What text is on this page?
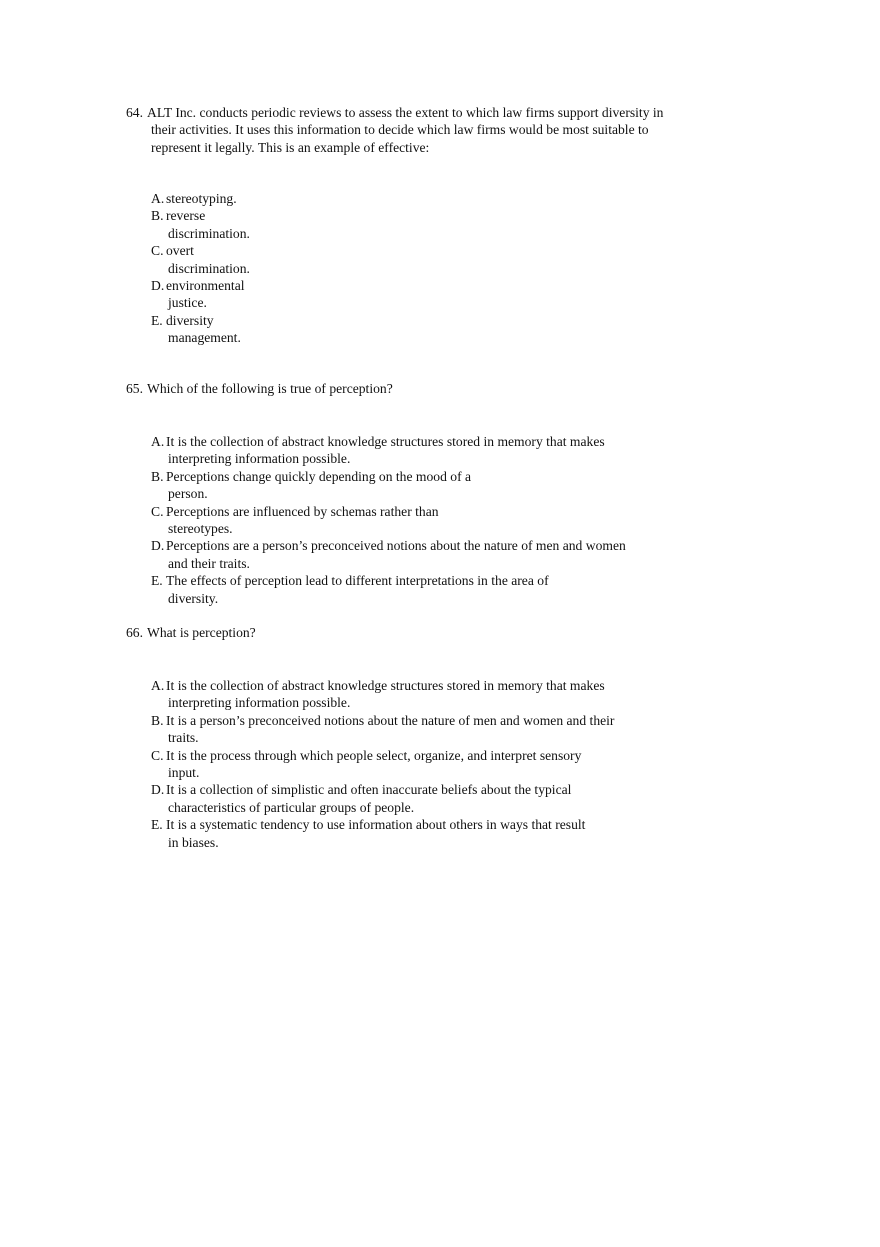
64. ALT Inc. conducts periodic reviews to assess the extent to which law firms support diversity in their activities. It uses this information to decide which law firms would be most suitable to represent it legally. This is an example of effective:

A. stereotyping.
B. reverse discrimination.
C. overt discrimination.
D. environmental justice.
E. diversity management.

65. Which of the following is true of perception?

A. It is the collection of abstract knowledge structures stored in memory that makes interpreting information possible.
B. Perceptions change quickly depending on the mood of a person.
C. Perceptions are influenced by schemas rather than stereotypes.
D. Perceptions are a person’s preconceived notions about the nature of men and women and their traits.
E. The effects of perception lead to different interpretations in the area of diversity.

66. What is perception?

A. It is the collection of abstract knowledge structures stored in memory that makes interpreting information possible.
B. It is a person’s preconceived notions about the nature of men and women and their traits.
C. It is the process through which people select, organize, and interpret sensory input.
D. It is a collection of simplistic and often inaccurate beliefs about the typical characteristics of particular groups of people.
E. It is a systematic tendency to use information about others in ways that result in biases.
